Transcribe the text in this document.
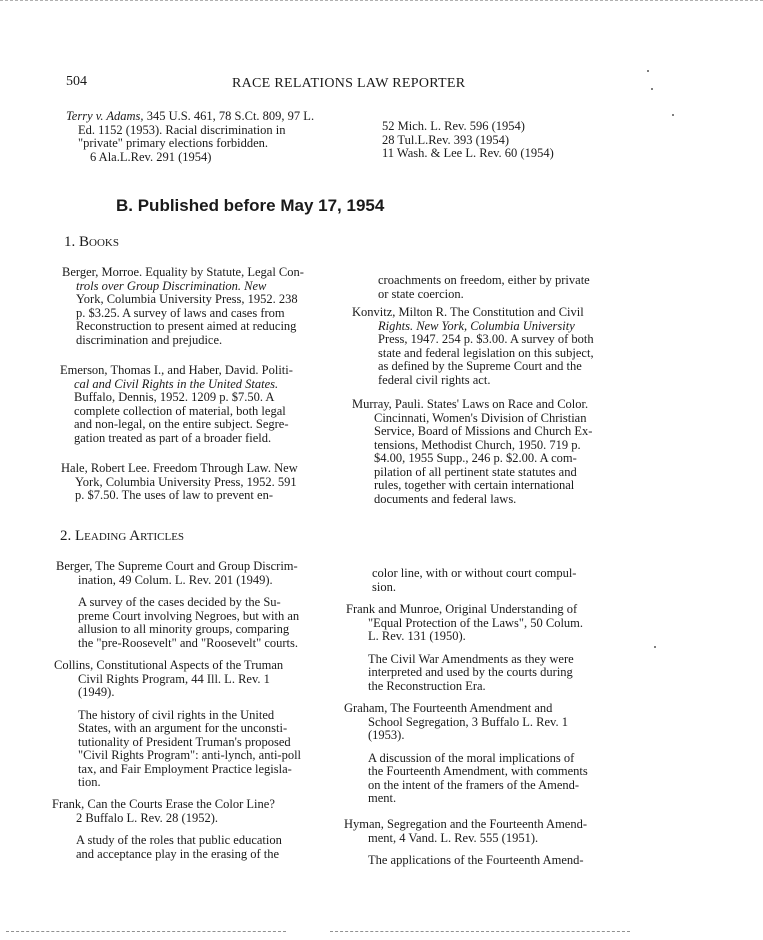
504	RACE RELATIONS LAW REPORTER
Terry v. Adams, 345 U.S. 461, 78 S.Ct. 809, 97 L.
Ed. 1152 (1953). Racial discrimination in
"private" primary elections forbidden.
6 Ala.L.Rev. 291 (1954)
52 Mich. L. Rev. 596 (1954)
28 Tul.L.Rev. 393 (1954)
11 Wash. & Lee L. Rev. 60 (1954)
B. Published before May 17, 1954
1. Books
Berger, Morroe. Equality by Statute, Legal Con-
trols over Group Discrimination. New
York, Columbia University Press, 1952. 238
p. $3.25. A survey of laws and cases from
Reconstruction to present aimed at reducing
discrimination and prejudice.
Emerson, Thomas I., and Haber, David. Politi-
cal and Civil Rights in the United States.
Buffalo, Dennis, 1952. 1209 p. $7.50. A
complete collection of material, both legal
and non-legal, on the entire subject. Segre-
gation treated as part of a broader field.
Hale, Robert Lee. Freedom Through Law. New
York, Columbia University Press, 1952. 591
p. $7.50. The uses of law to prevent en-
croachments on freedom, either by private
or state coercion.
Konvitz, Milton R. The Constitution and Civil
Rights. New York, Columbia University
Press, 1947. 254 p. $3.00. A survey of both
state and federal legislation on this subject,
as defined by the Supreme Court and the
federal civil rights act.
Murray, Pauli. States' Laws on Race and Color.
Cincinnati, Women's Division of Christian
Service, Board of Missions and Church Ex-
tensions, Methodist Church, 1950. 719 p.
$4.00, 1955 Supp., 246 p. $2.00. A com-
pilation of all pertinent state statutes and
rules, together with certain international
documents and federal laws.
2. Leading Articles
Berger, The Supreme Court and Group Discrim-
ination, 49 Colum. L. Rev. 201 (1949).
A survey of the cases decided by the Su-
preme Court involving Negroes, but with an
allusion to all minority groups, comparing
the "pre-Roosevelt" and "Roosevelt" courts.
Collins, Constitutional Aspects of the Truman
Civil Rights Program, 44 Ill. L. Rev. 1
(1949).
The history of civil rights in the United
States, with an argument for the unconsti-
tutionality of President Truman's proposed
"Civil Rights Program": anti-lynch, anti-poll
tax, and Fair Employment Practice legisla-
tion.
Frank, Can the Courts Erase the Color Line?
2 Buffalo L. Rev. 28 (1952).
A study of the roles that public education
and acceptance play in the erasing of the
color line, with or without court compul-
sion.
Frank and Munroe, Original Understanding of
"Equal Protection of the Laws", 50 Colum.
L. Rev. 131 (1950).
The Civil War Amendments as they were
interpreted and used by the courts during
the Reconstruction Era.
Graham, The Fourteenth Amendment and
School Segregation, 3 Buffalo L. Rev. 1
(1953).
A discussion of the moral implications of
the Fourteenth Amendment, with comments
on the intent of the framers of the Amend-
ment.
Hyman, Segregation and the Fourteenth Amend-
ment, 4 Vand. L. Rev. 555 (1951).
The applications of the Fourteenth Amend-
